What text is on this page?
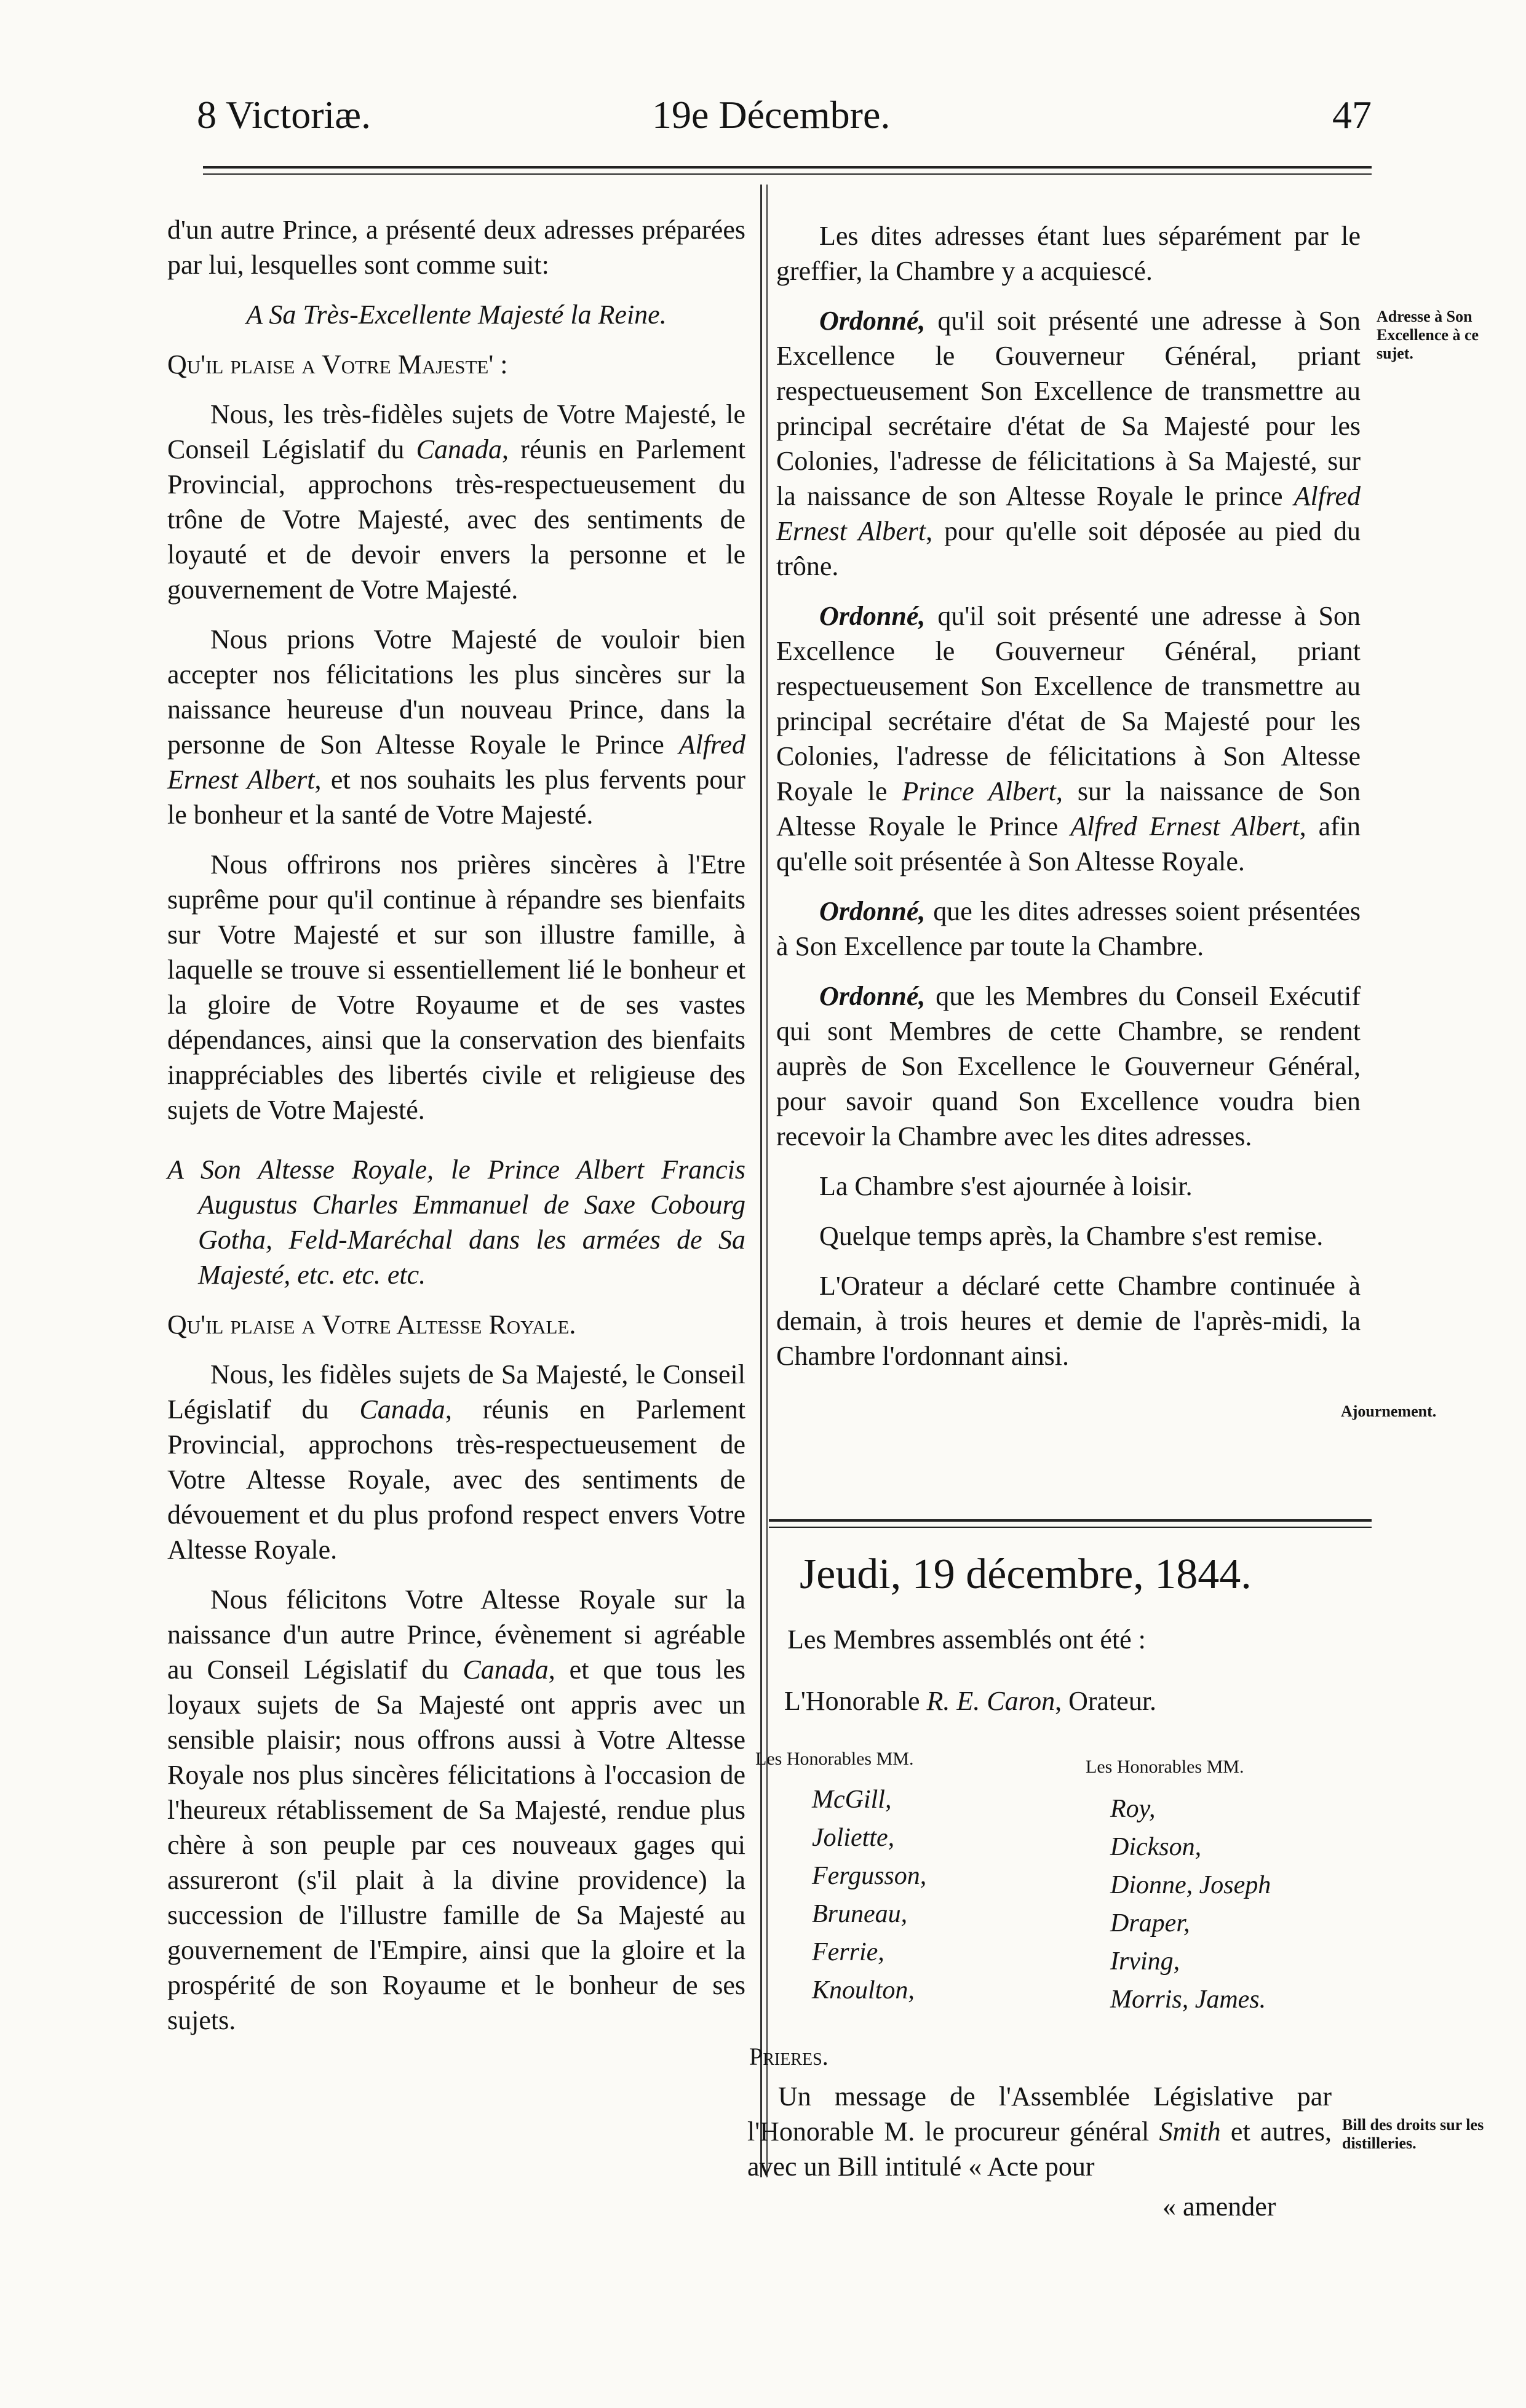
8 Victoriæ.	19e Décembre.	47

d'un autre Prince, a présenté deux adresses préparées par lui, lesquelles sont comme suit:

A Sa Très-Excellente Majesté la Reine.

Qu'il plaise a Votre Majeste' :

Nous, les très-fidèles sujets de Votre Majesté, le Conseil Législatif du Canada, réunis en Parlement Provincial, approchons très-respectueusement du trône de Votre Majesté, avec des sentiments de loyauté et de devoir envers la personne et le gouvernement de Votre Majesté.

Nous prions Votre Majesté de vouloir bien accepter nos félicitations les plus sincères sur la naissance heureuse d'un nouveau Prince, dans la personne de Son Altesse Royale le Prince Alfred Ernest Albert, et nos souhaits les plus fervents pour le bonheur et la santé de Votre Majesté.

Nous offrirons nos prières sincères à l'Etre suprême pour qu'il continue à répandre ses bienfaits sur Votre Majesté et sur son illustre famille, à laquelle se trouve si essentiellement lié le bonheur et la gloire de Votre Royaume et de ses vastes dépendances, ainsi que la conservation des bienfaits inappréciables des libertés civile et religieuse des sujets de Votre Majesté.

A Son Altesse Royale, le Prince Albert Francis Augustus Charles Emmanuel de Saxe Cobourg Gotha, Feld-Maréchal dans les armées de Sa Majesté, etc. etc. etc.

Qu'il plaise a Votre Altesse Royale.

Nous, les fidèles sujets de Sa Majesté, le Conseil Législatif du Canada, réunis en Parlement Provincial, approchons très-respectueusement de Votre Altesse Royale, avec des sentiments de dévouement et du plus profond respect envers Votre Altesse Royale.

Nous félicitons Votre Altesse Royale sur la naissance d'un autre Prince, évènement si agréable au Conseil Législatif du Canada, et que tous les loyaux sujets de Sa Majesté ont appris avec un sensible plaisir; nous offrons aussi à Votre Altesse Royale nos plus sincères félicitations à l'occasion de l'heureux rétablissement de Sa Majesté, rendue plus chère à son peuple par ces nouveaux gages qui assureront (s'il plait à la divine providence) la succession de l'illustre famille de Sa Majesté au gouvernement de l'Empire, ainsi que la gloire et la prospérité de son Royaume et le bonheur de ses sujets.

Les dites adresses étant lues séparément par le greffier, la Chambre y a acquiescé.

Ordonné, qu'il soit présenté une adresse à Son Excellence le Gouverneur Général, priant respectueusement Son Excellence de transmettre au principal secrétaire d'état de Sa Majesté pour les Colonies, l'adresse de félicitations à Sa Majesté, sur la naissance de son Altesse Royale le prince Alfred Ernest Albert, pour qu'elle soit déposée au pied du trône.

Ordonné, qu'il soit présenté une adresse à Son Excellence le Gouverneur Général, priant respectueusement Son Excellence de transmettre au principal secrétaire d'état de Sa Majesté pour les Colonies, l'adresse de félicitations à Son Altesse Royale le Prince Albert, sur la naissance de Son Altesse Royale le Prince Alfred Ernest Albert, afin qu'elle soit présentée à Son Altesse Royale.

Ordonné, que les dites adresses soient présentées à Son Excellence par toute la Chambre.

Ordonné, que les Membres du Conseil Exécutif qui sont Membres de cette Chambre, se rendent auprès de Son Excellence le Gouverneur Général, pour savoir quand Son Excellence voudra bien recevoir la Chambre avec les dites adresses.

La Chambre s'est ajournée à loisir.

Quelque temps après, la Chambre s'est remise.

L'Orateur a déclaré cette Chambre continuée à demain, à trois heures et demie de l'après-midi, la Chambre l'ordonnant ainsi.

Adresse à Son Excellence à ce sujet.
Ajournement.
Bill des droits sur les distilleries.
Jeudi, 19 décembre, 1844.
Les Membres assemblés ont été :
L'Honorable R. E. Caron, Orateur.
Les Honorables MM.	Les Honorables MM.
McGill,
Joliette,
Fergusson,
Bruneau,
Ferrie,
Knoulton,
Roy,
Dickson,
Dionne, Joseph
Draper,
Irving,
Morris, James.
Prieres.
Un message de l'Assemblée Législative par l'Honorable M. le procureur général Smith et autres, avec un Bill intitulé « Acte pour
« amender
